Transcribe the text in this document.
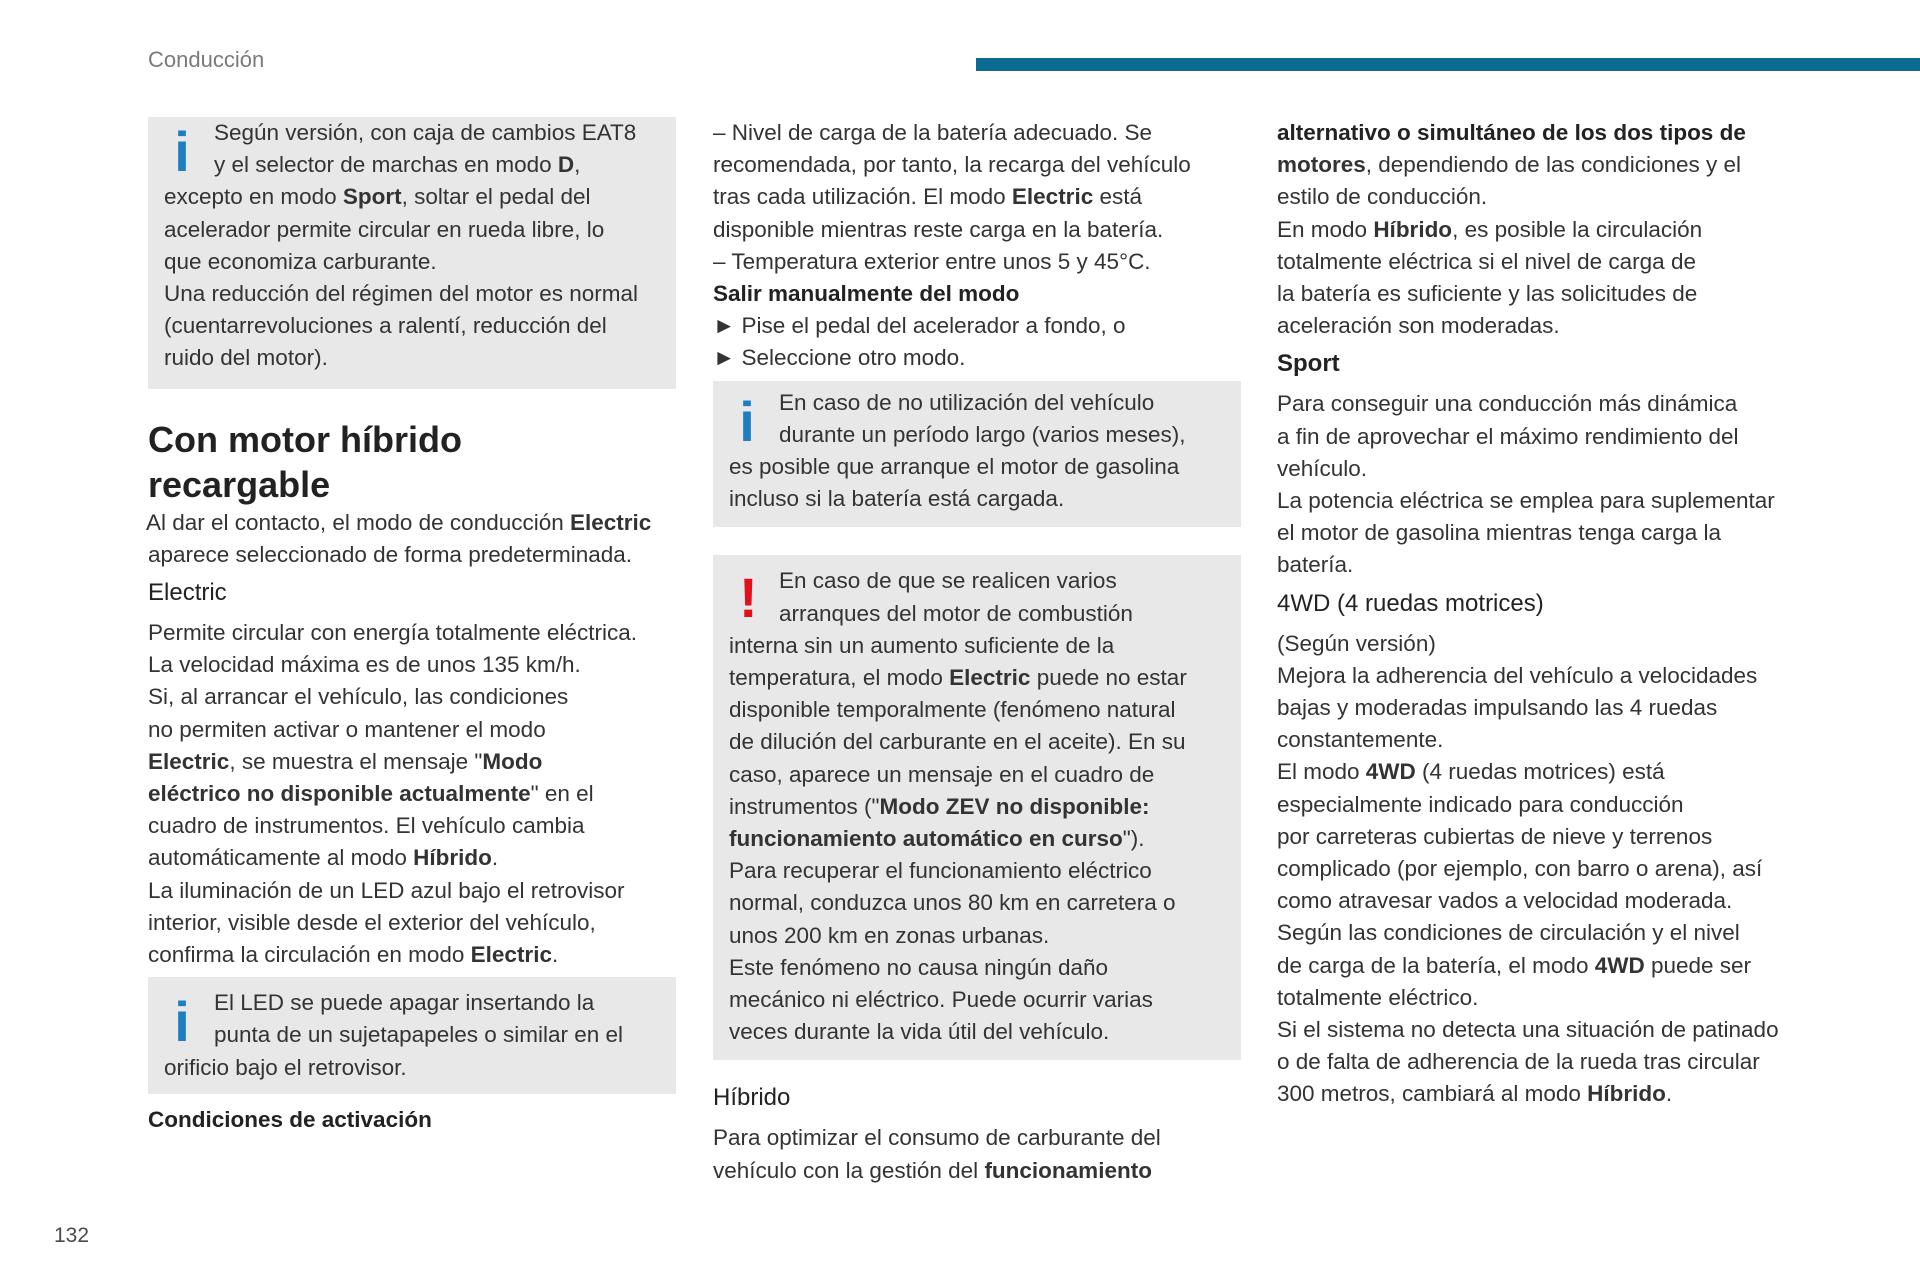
Conducción
i	Según versión, con caja de cambios EAT8

y el selector de marchas en modo D,

excepto en modo Sport, soltar el pedal del

acelerador permite circular en rueda libre, lo

que economiza carburante.

Una reducción del régimen del motor es normal

(cuentarrevoluciones a ralentí, reducción del

ruido del motor).

Con motor híbrido
recargable

Al dar el contacto, el modo de conducción Electric

aparece seleccionado de forma predeterminada.

Electric

Permite circular con energía totalmente eléctrica.

La velocidad máxima es de unos 135 km/h.

Si, al arrancar el vehículo, las condiciones

no permiten activar o mantener el modo

Electric, se muestra el mensaje "Modo

eléctrico no disponible actualmente" en el

cuadro de instrumentos. El vehículo cambia

automáticamente al modo Híbrido.

La iluminación de un LED azul bajo el retrovisor

interior, visible desde el exterior del vehículo,

confirma la circulación en modo Electric.

i	El LED se puede apagar insertando la

punta de un sujetapapeles o similar en el

orificio bajo el retrovisor.

Condiciones de activación

– Nivel de carga de la batería adecuado. Se

recomendada, por tanto, la recarga del vehículo

tras cada utilización. El modo Electric está

disponible mientras reste carga en la batería.

– Temperatura exterior entre unos 5 y 45°C.

Salir manualmente del modo

► Pise el pedal del acelerador a fondo, o

► Seleccione otro modo.

i	En caso de no utilización del vehículo

durante un período largo (varios meses),

es posible que arranque el motor de gasolina

incluso si la batería está cargada.

! En caso de que se realicen varios

arranques del motor de combustión

interna sin un aumento suficiente de la

temperatura, el modo Electric puede no estar

disponible temporalmente (fenómeno natural

de dilución del carburante en el aceite). En su

caso, aparece un mensaje en el cuadro de

instrumentos ("Modo ZEV no disponible:

funcionamiento automático en curso").

Para recuperar el funcionamiento eléctrico

normal, conduzca unos 80 km en carretera o

unos 200 km en zonas urbanas.

Este fenómeno no causa ningún daño

mecánico ni eléctrico. Puede ocurrir varias

veces durante la vida útil del vehículo.

Híbrido

Para optimizar el consumo de carburante del

vehículo con la gestión del funcionamiento

alternativo o simultáneo de los dos tipos de

motores, dependiendo de las condiciones y el

estilo de conducción.

En modo Híbrido, es posible la circulación

totalmente eléctrica si el nivel de carga de

la batería es suficiente y las solicitudes de

aceleración son moderadas.

Sport

Para conseguir una conducción más dinámica

a fin de aprovechar el máximo rendimiento del

vehículo.

La potencia eléctrica se emplea para suplementar

el motor de gasolina mientras tenga carga la

batería.

4WD (4 ruedas motrices)

(Según versión)

Mejora la adherencia del vehículo a velocidades

bajas y moderadas impulsando las 4 ruedas

constantemente.

El modo 4WD (4 ruedas motrices) está

especialmente indicado para conducción

por carreteras cubiertas de nieve y terrenos

complicado (por ejemplo, con barro o arena), así

como atravesar vados a velocidad moderada.

Según las condiciones de circulación y el nivel

de carga de la batería, el modo 4WD puede ser

totalmente eléctrico.

Si el sistema no detecta una situación de patinado

o de falta de adherencia de la rueda tras circular

300 metros, cambiará al modo Híbrido.

132
